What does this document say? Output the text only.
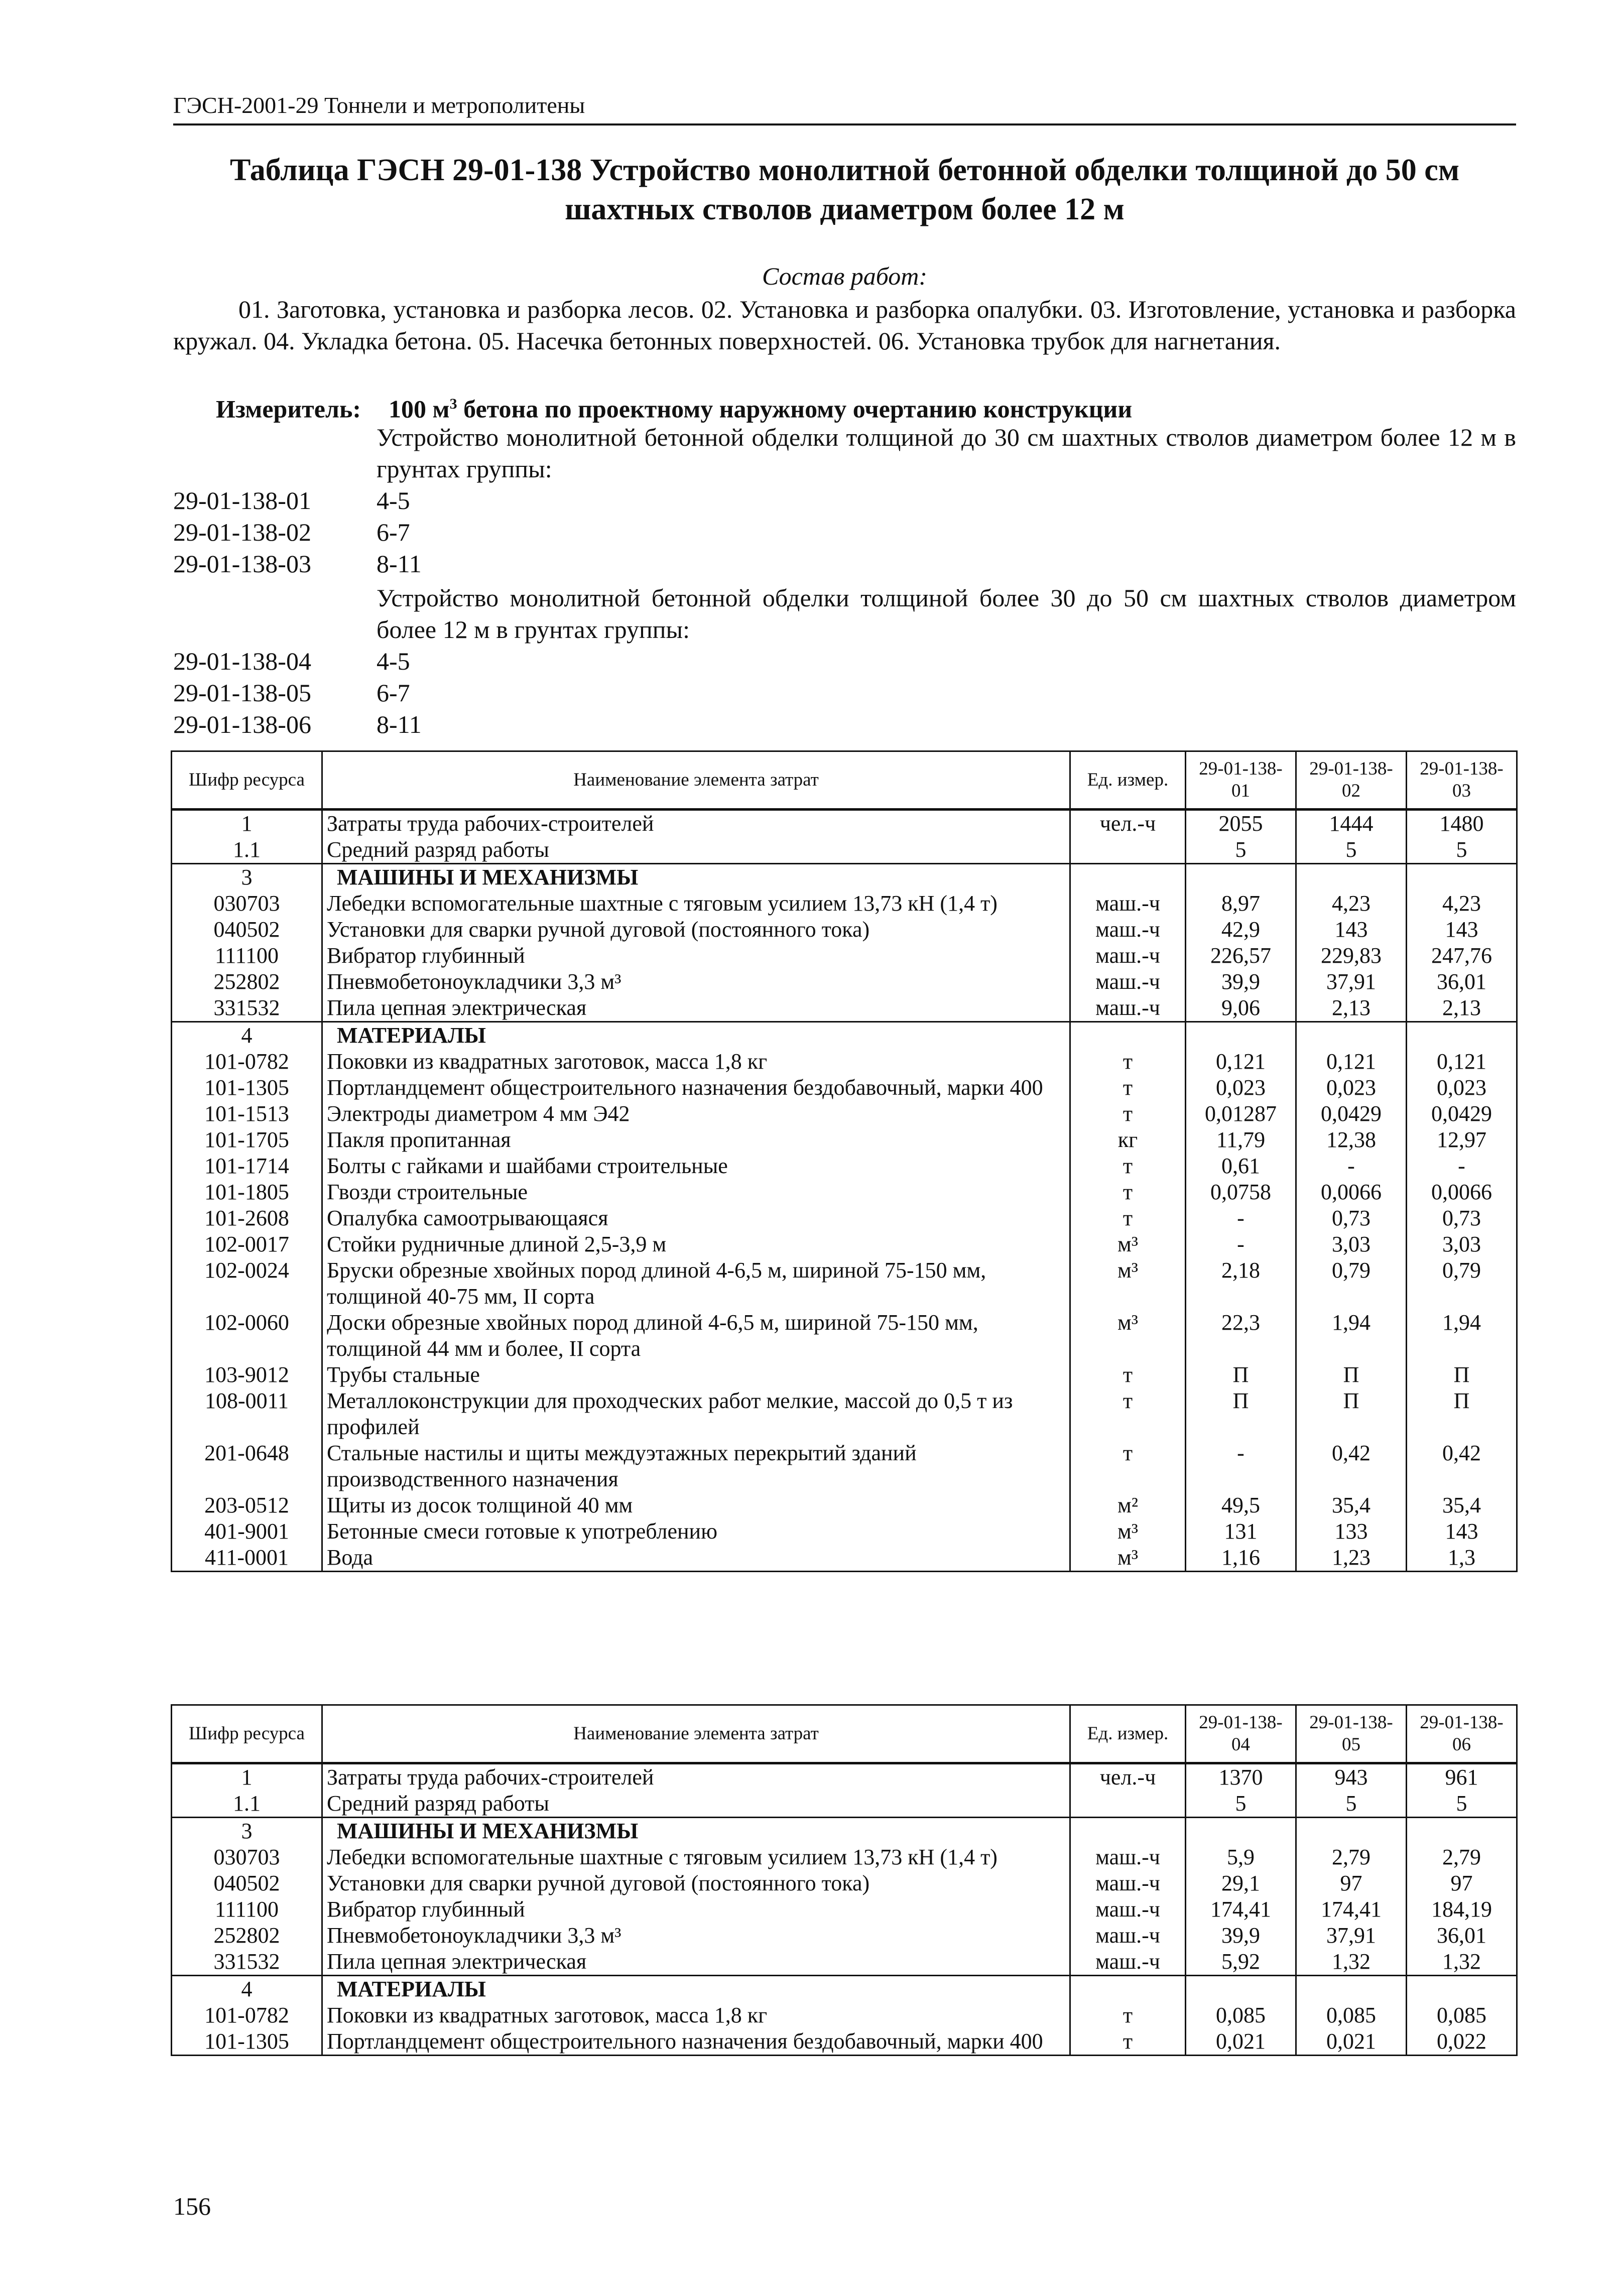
ГЭСН-2001-29 Тоннели и метрополитены
Таблица ГЭСН 29-01-138 Устройство монолитной бетонной обделки толщиной до 50 см
шахтных стволов диаметром более 12 м
Состав работ:
01. Заготовка, установка и разборка лесов. 02. Установка и разборка опалубки. 03. Изготовление, установка и разборка кружал. 04. Укладка бетона. 05. Насечка бетонных поверхностей. 06. Установка трубок для нагнетания.
Измеритель: 100 $м^3$ бетона по проектному наружному очертанию конструкции
Устройство монолитной бетонной обделки толщиной до 30 см шахтных стволов диаметром более 12 м в грунтах группы:
29-01-138-01	4-5
29-01-138-02	6-7
29-01-138-03	8-11
Устройство монолитной бетонной обделки толщиной более 30 до 50 см шахтных стволов диаметром более 12 м в грунтах группы:
29-01-138-04	4-5
29-01-138-05	6-7
29-01-138-06	8-11
Шифр ресурса	Наименование элемента затрат	Ед. измер.	29-01-138-01	29-01-138-02	29-01-138-03
1	Затраты труда рабочих-строителей	чел.-ч	2055	1444	1480
1.1	Средний разряд работы		5	5	5
3	МАШИНЫ И МЕХАНИЗМЫ				
030703	Лебедки вспомогательные шахтные с тяговым усилием 13,73 кН (1,4 т)	маш.-ч	8,97	4,23	4,23
040502	Установки для сварки ручной дуговой (постоянного тока)	маш.-ч	42,9	143	143
111100	Вибратор глубинный	маш.-ч	226,57	229,83	247,76
252802	Пневмобетоноукладчики 3,3 м³	маш.-ч	39,9	37,91	36,01
331532	Пила цепная электрическая	маш.-ч	9,06	2,13	2,13
4	МАТЕРИАЛЫ				
101-0782	Поковки из квадратных заготовок, масса 1,8 кг	т	0,121	0,121	0,121
101-1305	Портландцемент общестроительного назначения бездобавочный, марки 400	т	0,023	0,023	0,023
101-1513	Электроды диаметром 4 мм Э42	т	0,01287	0,0429	0,0429
101-1705	Пакля пропитанная	кг	11,79	12,38	12,97
101-1714	Болты с гайками и шайбами строительные	т	0,61	-	-
101-1805	Гвозди строительные	т	0,0758	0,0066	0,0066
101-2608	Опалубка самоотрывающаяся	т	-	0,73	0,73
102-0017	Стойки рудничные длиной 2,5-3,9 м	м³	-	3,03	3,03
102-0024	Бруски обрезные хвойных пород длиной 4-6,5 м, шириной 75-150 мм, толщиной 40-75 мм, II сорта	м³	2,18	0,79	0,79
102-0060	Доски обрезные хвойных пород длиной 4-6,5 м, шириной 75-150 мм, толщиной 44 мм и более, II сорта	м³	22,3	1,94	1,94
103-9012	Трубы стальные	т	П	П	П
108-0011	Металлоконструкции для проходческих работ мелкие, массой до 0,5 т из профилей	т	П	П	П
201-0648	Стальные настилы и щиты междуэтажных перекрытий зданий производственного назначения	т	-	0,42	0,42
203-0512	Щиты из досок толщиной 40 мм	м²	49,5	35,4	35,4
401-9001	Бетонные смеси готовые к употреблению	м³	131	133	143
411-0001	Вода	м³	1,16	1,23	1,3
Шифр ресурса	Наименование элемента затрат	Ед. измер.	29-01-138-04	29-01-138-05	29-01-138-06
1	Затраты труда рабочих-строителей	чел.-ч	1370	943	961
1.1	Средний разряд работы		5	5	5
3	МАШИНЫ И МЕХАНИЗМЫ				
030703	Лебедки вспомогательные шахтные с тяговым усилием 13,73 кН (1,4 т)	маш.-ч	5,9	2,79	2,79
040502	Установки для сварки ручной дуговой (постоянного тока)	маш.-ч	29,1	97	97
111100	Вибратор глубинный	маш.-ч	174,41	174,41	184,19
252802	Пневмобетоноукладчики 3,3 м³	маш.-ч	39,9	37,91	36,01
331532	Пила цепная электрическая	маш.-ч	5,92	1,32	1,32
4	МАТЕРИАЛЫ				
101-0782	Поковки из квадратных заготовок, масса 1,8 кг	т	0,085	0,085	0,085
101-1305	Портландцемент общестроительного назначения бездобавочный, марки 400	т	0,021	0,021	0,022
156
